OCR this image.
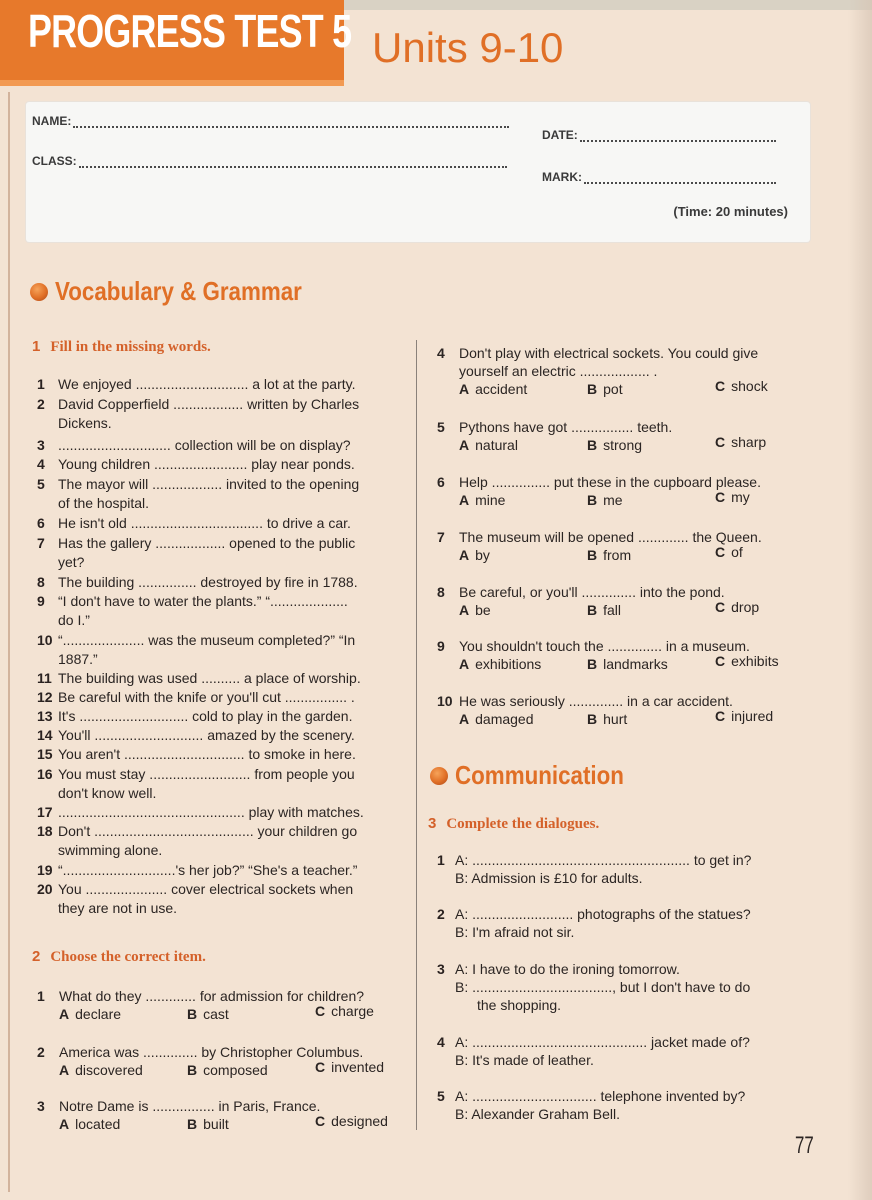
PROGRESS TEST 5 Units 9-10
NAME:
DATE:
CLASS:
MARK:
(Time: 20 minutes)
Vocabulary & Grammar
1 Fill in the missing words.
1 We enjoyed ............................. a lot at the party.
2 David Copperfield .................. written by Charles
Dickens.
3 ............................. collection will be on display?
4 Young children ........................ play near ponds.
5 The mayor will .................. invited to the opening
of the hospital.
6 He isn't old .................................. to drive a car.
7 Has the gallery .................. opened to the public
yet?
8 The building ............... destroyed by fire in 1788.
9 “I don't have to water the plants.” “....................
do I.”
10 “..................... was the museum completed?” “In
1887.”
11 The building was used .......... a place of worship.
12 Be careful with the knife or you'll cut ................ .
13 It's ............................ cold to play in the garden.
14 You'll ............................ amazed by the scenery.
15 You aren't ............................... to smoke in here.
16 You must stay .......................... from people you
don't know well.
17 ................................................ play with matches.
18 Don't ......................................... your children go
swimming alone.
19 “.............................'s her job?” “She's a teacher.”
20 You ..................... cover electrical sockets when
they are not in use.
2 Choose the correct item.
1 What do they ............. for admission for children?
A declare	B cast	C charge
2 America was .............. by Christopher Columbus.
A discovered	B composed	C invented
3 Notre Dame is ................ in Paris, France.
A located	B built	C designed
4 Don't play with electrical sockets. You could give
yourself an electric .................. .
A accident	B pot	C shock
5 Pythons have got ................ teeth.
A natural	B strong	C sharp
6 Help ............... put these in the cupboard please.
A mine	B me	C my
7 The museum will be opened ............. the Queen.
A by	B from	C of
8 Be careful, or you'll .............. into the pond.
A be	B fall	C drop
9 You shouldn't touch the .............. in a museum.
A exhibitions	B landmarks	C exhibits
10 He was seriously .............. in a car accident.
A damaged	B hurt	C injured
Communication
3 Complete the dialogues.
1 A: ........................................................ to get in?
B: Admission is £10 for adults.
2 A: .......................... photographs of the statues?
B: I'm afraid not sir.
3 A: I have to do the ironing tomorrow.
B: ...................................., but I don't have to do
the shopping.
4 A: ............................................. jacket made of?
B: It's made of leather.
5 A: ................................ telephone invented by?
B: Alexander Graham Bell.
77
